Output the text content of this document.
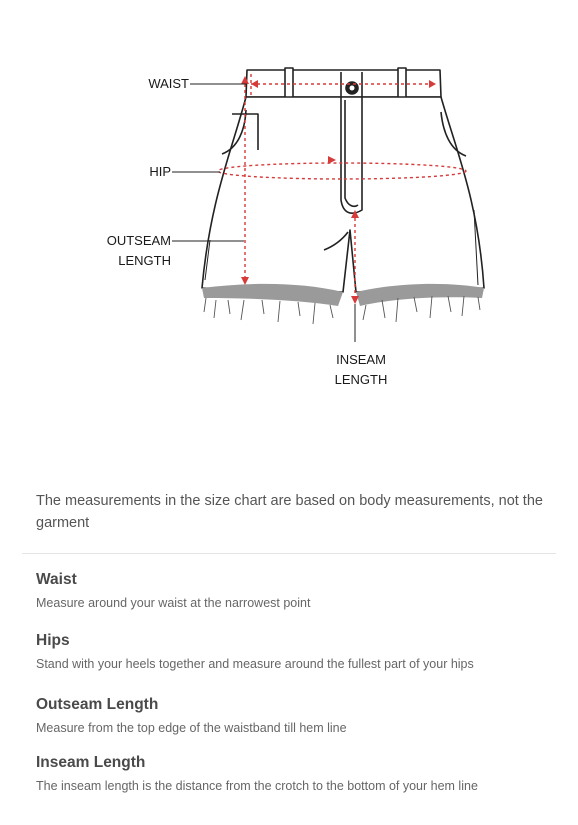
WAIST
HIP
OUTSEAM
LENGTH
INSEAM
LENGTH
The measurements in the size chart are based on body measurements, not the garment
Waist

Measure around your waist at the narrowest point

Hips

Stand with your heels together and measure around the fullest part of your hips

Outseam Length

Measure from the top edge of the waistband till hem line

Inseam Length

The inseam length is the distance from the crotch to the bottom of your hem line
